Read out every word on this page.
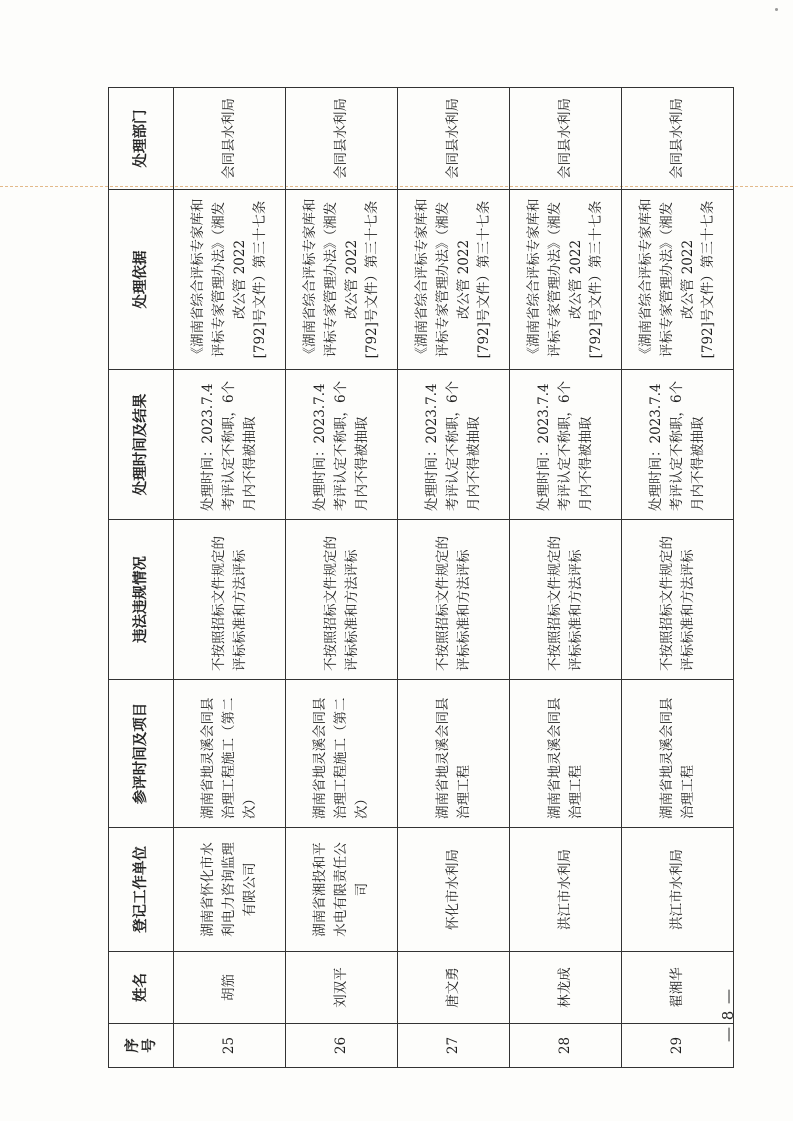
序号	姓名	登记工作单位	参评时间及项目	违法违规情况	处理时间及结果	处理依据	处理部门
25	胡笳	湖南省怀化市水利电力咨询监理有限公司	湖南省地灵溪会同县治理工程施工（第二次）	不按照招标文件规定的评标标准和方法评标	处理时间：2023.7.4考评认定不称职，6个月内不得被抽取	《湖南省综合评标专家库和评标专家管理办法》（湘发改公管 2022 [792]号文件）第三十七条	会同县水利局
26	刘双平	湖南省湘投和平水电有限责任公司	湖南省地灵溪会同县治理工程施工（第二次）	不按照招标文件规定的评标标准和方法评标	处理时间：2023.7.4考评认定不称职，6个月内不得被抽取	《湖南省综合评标专家库和评标专家管理办法》（湘发改公管 2022 [792]号文件）第三十七条	会同县水利局
27	唐文勇	怀化市水利局	湖南省地灵溪会同县治理工程	不按照招标文件规定的评标标准和方法评标	处理时间：2023.7.4考评认定不称职，6个月内不得被抽取	《湖南省综合评标专家库和评标专家管理办法》（湘发改公管 2022 [792]号文件）第三十七条	会同县水利局
28	林龙成	洪江市水利局	湖南省地灵溪会同县治理工程	不按照招标文件规定的评标标准和方法评标	处理时间：2023.7.4考评认定不称职，6个月内不得被抽取	《湖南省综合评标专家库和评标专家管理办法》（湘发改公管 2022 [792]号文件）第三十七条	会同县水利局
29	翟湘华	洪江市水利局	湖南省地灵溪会同县治理工程	不按照招标文件规定的评标标准和方法评标	处理时间：2023.7.4考评认定不称职，6个月内不得被抽取	《湖南省综合评标专家库和评标专家管理办法》（湘发改公管 2022 [792]号文件）第三十七条	会同县水利局
— 8 —
